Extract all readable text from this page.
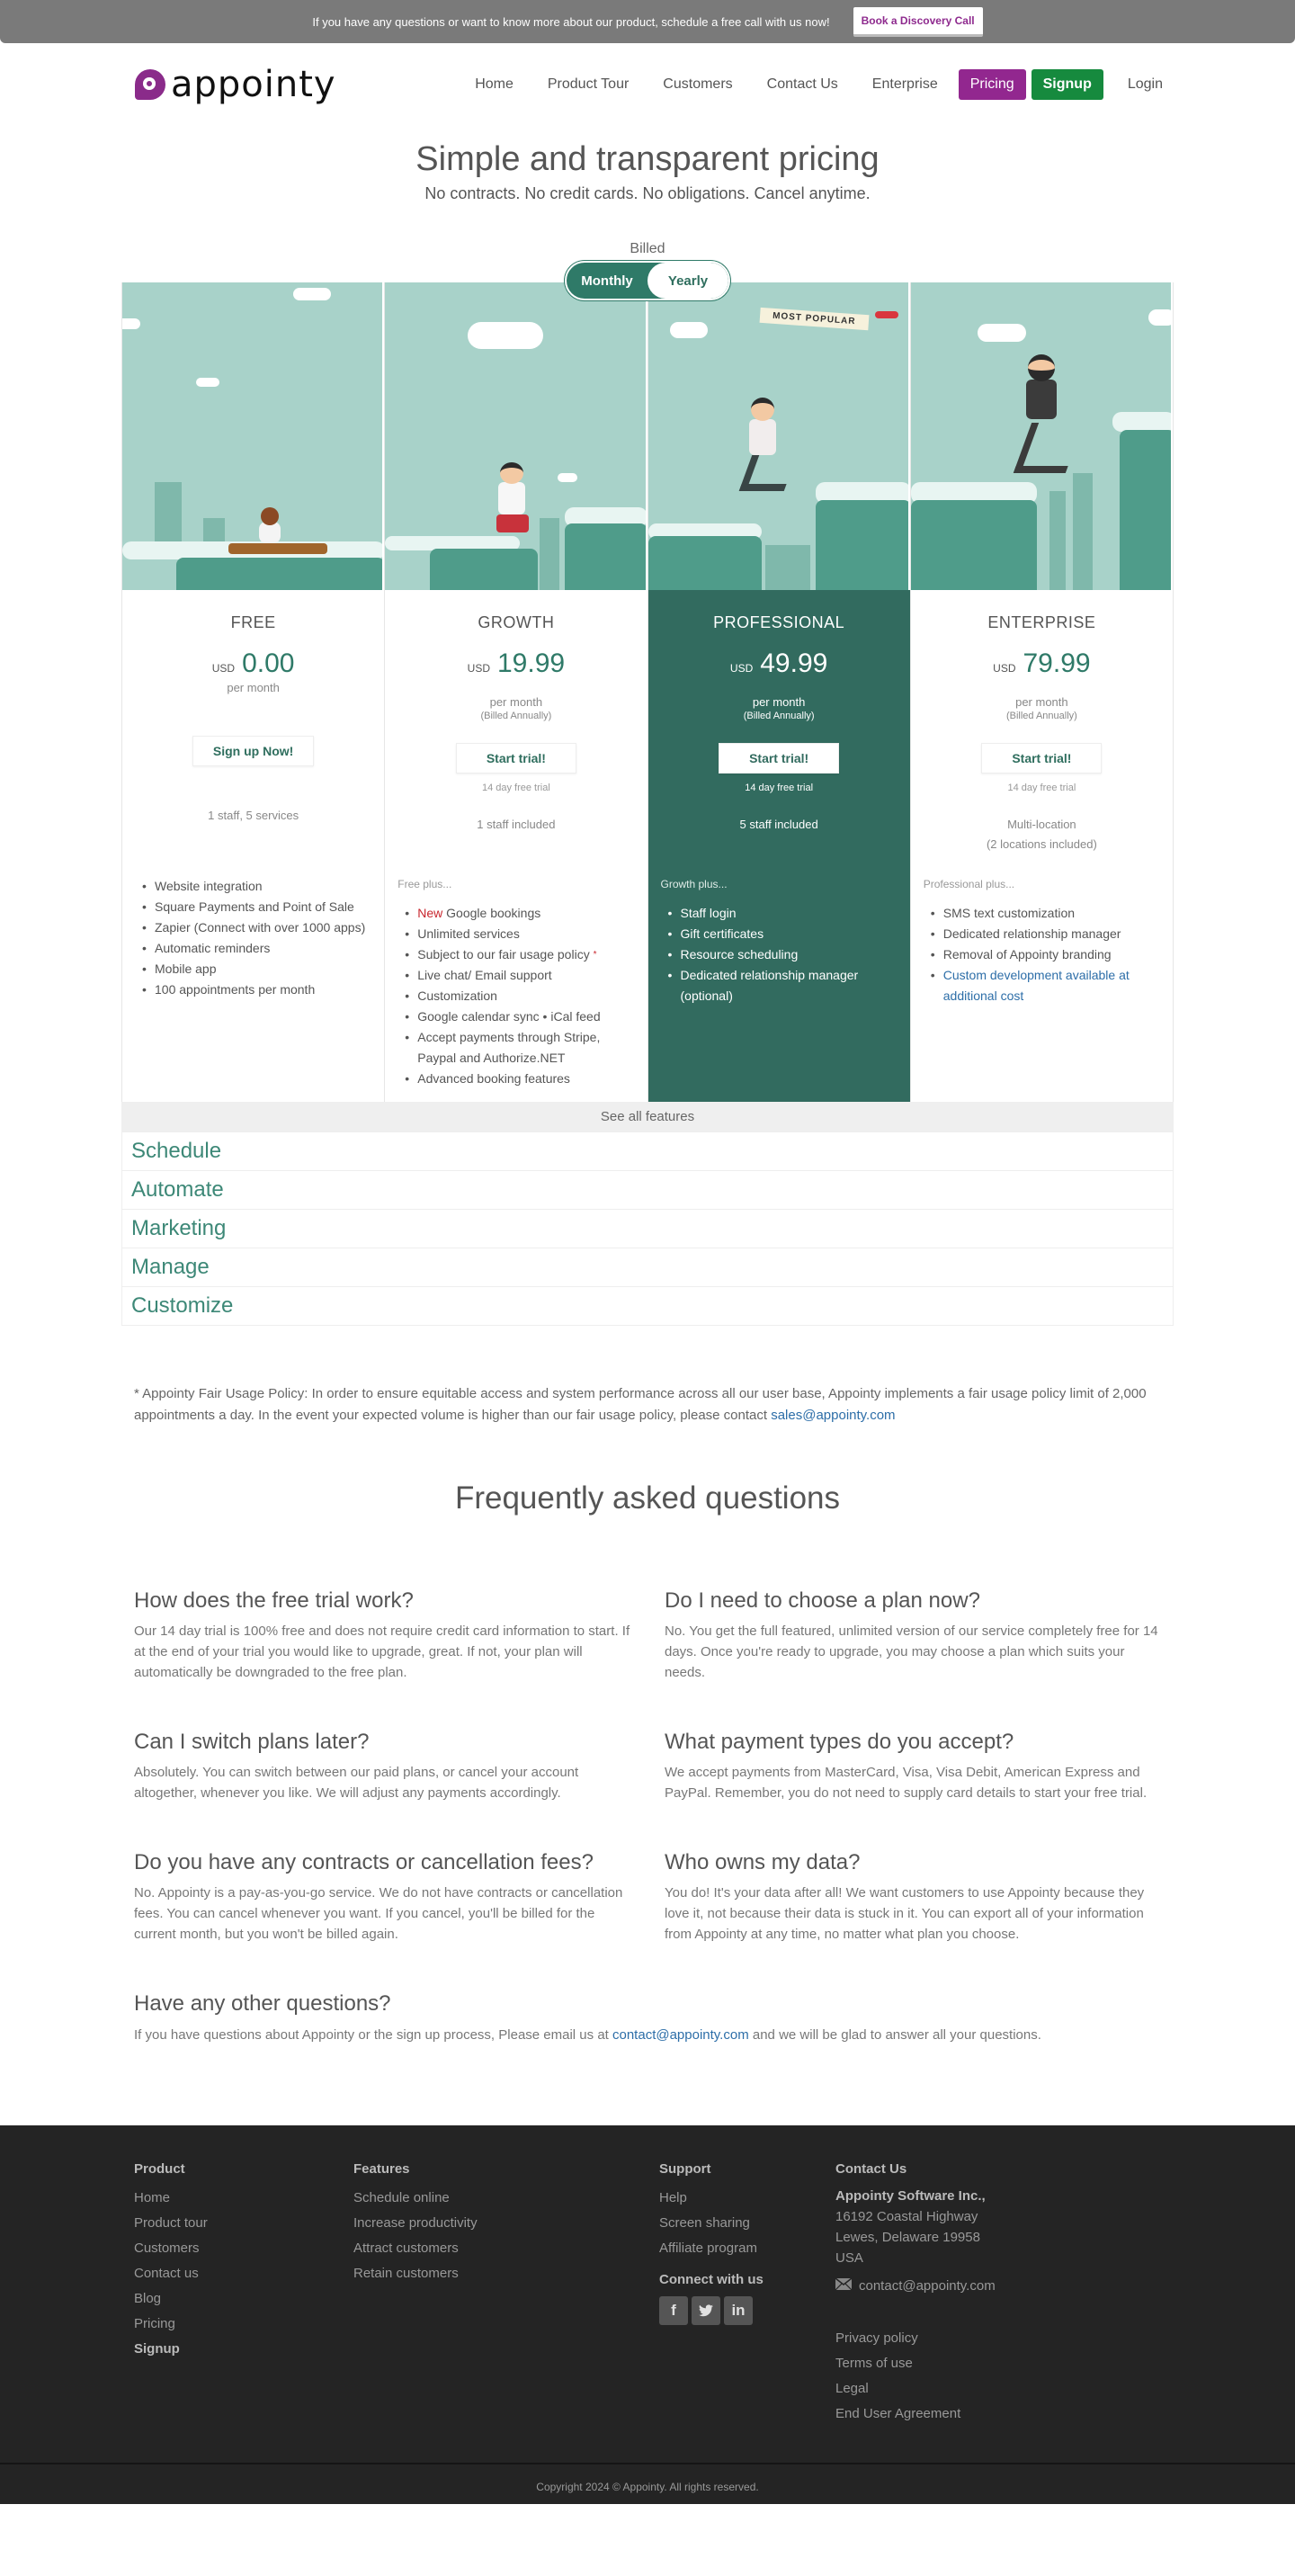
If you have any questions or want to know more about our product, schedule a free call with us now!	Book a Discovery Call
appointy	Home	Product Tour	Customers	Contact Us	Enterprise	Pricing	Signup	Login
Simple and transparent pricing

No contracts. No credit cards. No obligations. Cancel anytime.

Billed
Monthly	Yearly
FREE
USD 0.00
per month
Sign up Now!
1 staff, 5 services
• Website integration
• Square Payments and Point of Sale
• Zapier (Connect with over 1000 apps)
• Automatic reminders
• Mobile app
• 100 appointments per month
GROWTH
USD 19.99
per month
(Billed Annually)
Start trial!
14 day free trial
1 staff included
Free plus...
• New Google bookings
• Unlimited services
• Subject to our fair usage policy *
• Live chat/ Email support
• Customization
• Google calendar sync • iCal feed
• Accept payments through Stripe, Paypal and Authorize.NET
• Advanced booking features
MOST POPULAR
PROFESSIONAL
USD 49.99
per month
(Billed Annually)
Start trial!
14 day free trial
5 staff included
Growth plus...
• Staff login
• Gift certificates
• Resource scheduling
• Dedicated relationship manager (optional)
ENTERPRISE
USD 79.99
per month
(Billed Annually)
Start trial!
14 day free trial
Multi-location
(2 locations included)
Professional plus...
• SMS text customization
• Dedicated relationship manager
• Removal of Appointy branding
• Custom development available at additional cost
See all features
Schedule
Automate
Marketing
Manage
Customize

* Appointy Fair Usage Policy: In order to ensure equitable access and system performance across all our user base, Appointy implements a fair usage policy limit of 2,000 appointments a day. In the event your expected volume is higher than our fair usage policy, please contact sales@appointy.com

Frequently asked questions
How does the free trial work?

Our 14 day trial is 100% free and does not require credit card information to start. If at the end of your trial you would like to upgrade, great. If not, your plan will automatically be downgraded to the free plan.

Do I need to choose a plan now?

No. You get the full featured, unlimited version of our service completely free for 14 days. Once you're ready to upgrade, you may choose a plan which suits your needs.

Can I switch plans later?

Absolutely. You can switch between our paid plans, or cancel your account altogether, whenever you like. We will adjust any payments accordingly.

What payment types do you accept?

We accept payments from MasterCard, Visa, Visa Debit, American Express and PayPal. Remember, you do not need to supply card details to start your free trial.

Do you have any contracts or cancellation fees?

No. Appointy is a pay-as-you-go service. We do not have contracts or cancellation fees. You can cancel whenever you want. If you cancel, you'll be billed for the current month, but you won't be billed again.

Who owns my data?

You do! It's your data after all! We want customers to use Appointy because they love it, not because their data is stuck in it. You can export all of your information from Appointy at any time, no matter what plan you choose.

Have any other questions?

If you have questions about Appointy or the sign up process, Please email us at contact@appointy.com and we will be glad to answer all your questions.

Product
Home
Product tour
Customers
Contact us
Blog
Pricing
Signup
Features
Schedule online
Increase productivity
Attract customers
Retain customers
Support
Help
Screen sharing
Affiliate program
Connect with us
f	in
Contact Us
Appointy Software Inc.,
16192 Coastal Highway
Lewes, Delaware 19958
USA
contact@appointy.com
Privacy policy
Terms of use
Legal
End User Agreement
Copyright 2024 © Appointy. All rights reserved.
